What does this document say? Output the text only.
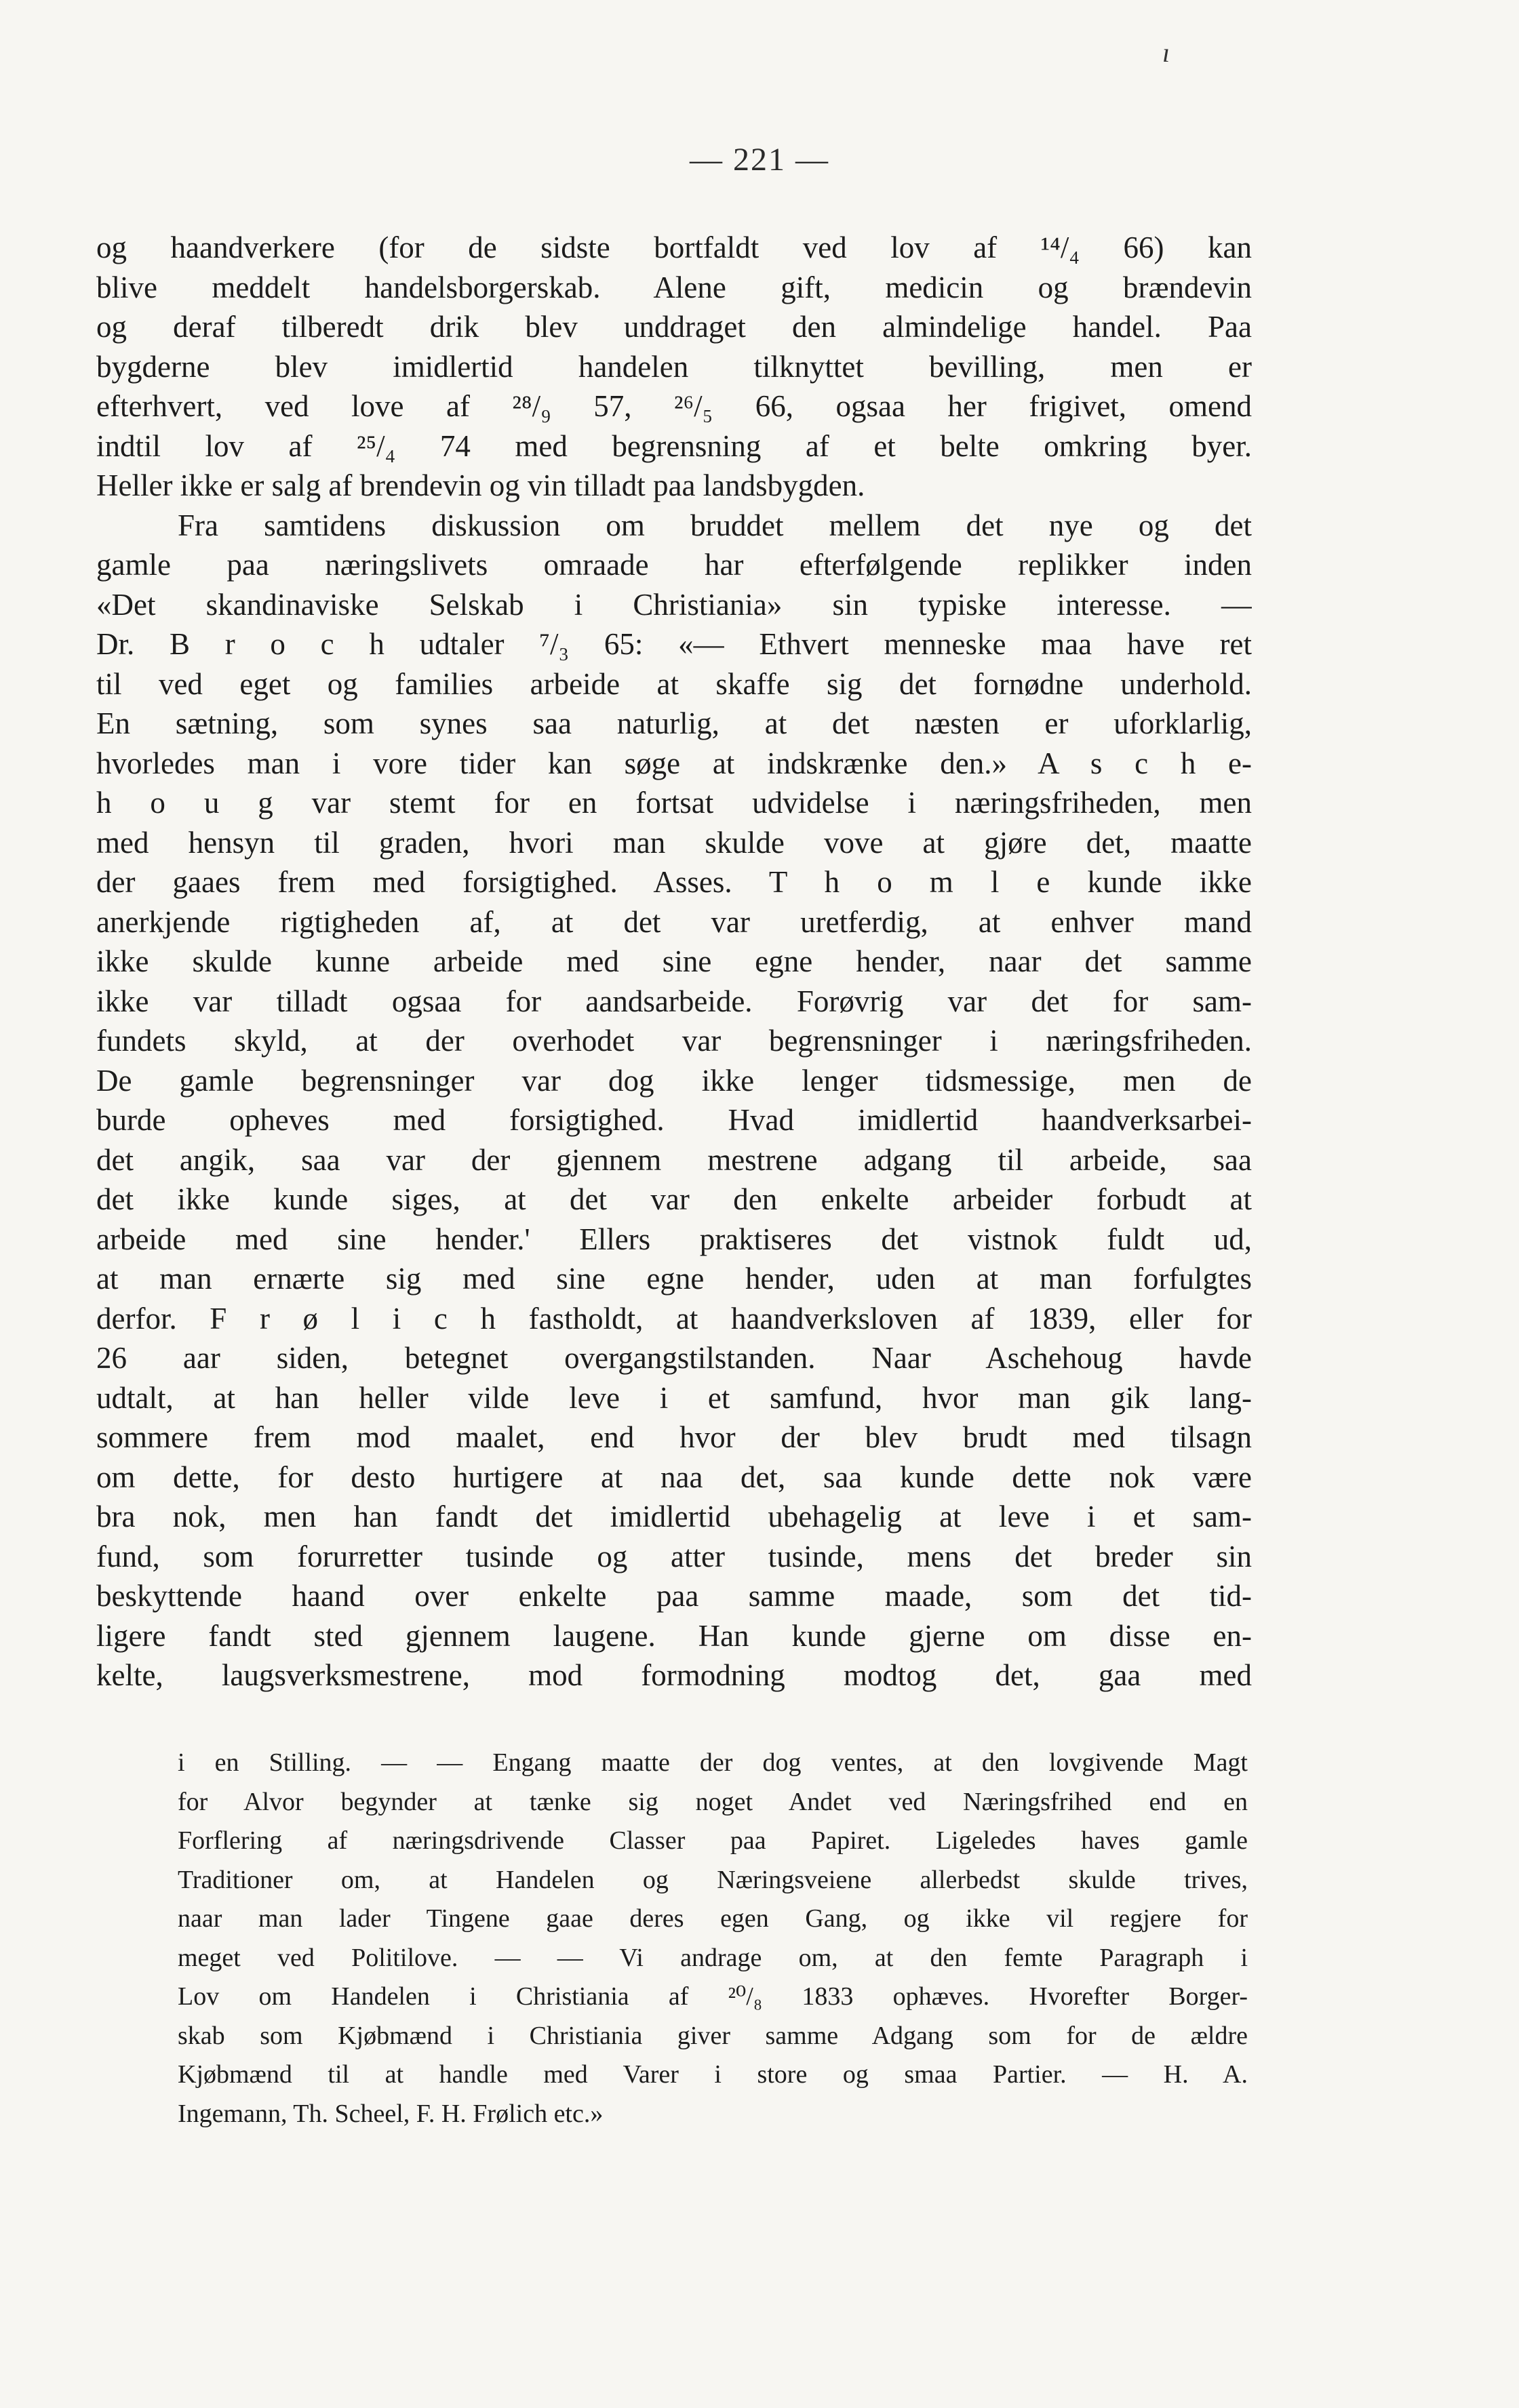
ı
— 221 —
og haandverkere (for de sidste bortfaldt ved lov af ¹⁴/₄ 66) kan
blive meddelt handelsborgerskab. Alene gift, medicin og brændevin
og deraf tilberedt drik blev unddraget den almindelige handel. Paa
bygderne blev imidlertid handelen tilknyttet bevilling, men er
efterhvert, ved love af ²⁸/₉ 57, ²⁶/₅ 66, ogsaa her frigivet, omend
indtil lov af ²⁵/₄ 74 med begrensning af et belte omkring byer.
Heller ikke er salg af brendevin og vin tilladt paa landsbygden.
Fra samtidens diskussion om bruddet mellem det nye og det
gamle paa næringslivets omraade har efterfølgende replikker inden
«Det skandinaviske Selskab i Christiania» sin typiske interesse. —
Dr. B r o c h udtaler ⁷/₃ 65: «— Ethvert menneske maa have ret
til ved eget og families arbeide at skaffe sig det fornødne underhold.
En sætning, som synes saa naturlig, at det næsten er uforklarlig,
hvorledes man i vore tider kan søge at indskrænke den.» A s c h e-
h o u g var stemt for en fortsat udvidelse i næringsfriheden, men
med hensyn til graden, hvori man skulde vove at gjøre det, maatte
der gaaes frem med forsigtighed. Asses. T h o m l e kunde ikke
anerkjende rigtigheden af, at det var uretferdig, at enhver mand
ikke skulde kunne arbeide med sine egne hender, naar det samme
ikke var tilladt ogsaa for aandsarbeide. Forøvrig var det for sam-
fundets skyld, at der overhodet var begrensninger i næringsfriheden.
De gamle begrensninger var dog ikke lenger tidsmessige, men de
burde opheves med forsigtighed. Hvad imidlertid haandverksarbei-
det angik, saa var der gjennem mestrene adgang til arbeide, saa
det ikke kunde siges, at det var den enkelte arbeider forbudt at
arbeide med sine hender.' Ellers praktiseres det vistnok fuldt ud,
at man ernærte sig med sine egne hender, uden at man forfulgtes
derfor. F r ø l i c h fastholdt, at haandverksloven af 1839, eller for
26 aar siden, betegnet overgangstilstanden. Naar Aschehoug havde
udtalt, at han heller vilde leve i et samfund, hvor man gik lang-
sommere frem mod maalet, end hvor der blev brudt med tilsagn
om dette, for desto hurtigere at naa det, saa kunde dette nok være
bra nok, men han fandt det imidlertid ubehagelig at leve i et sam-
fund, som forurretter tusinde og atter tusinde, mens det breder sin
beskyttende haand over enkelte paa samme maade, som det tid-
ligere fandt sted gjennem laugene. Han kunde gjerne om disse en-
kelte, laugsverksmestrene, mod formodning modtog det, gaa med
i en Stilling. — — Engang maatte der dog ventes, at den lovgivende Magt
for Alvor begynder at tænke sig noget Andet ved Næringsfrihed end en
Forflering af næringsdrivende Classer paa Papiret. Ligeledes haves gamle
Traditioner om, at Handelen og Næringsveiene allerbedst skulde trives,
naar man lader Tingene gaae deres egen Gang, og ikke vil regjere for
meget ved Politilove. — — Vi andrage om, at den femte Paragraph i
Lov om Handelen i Christiania af ²⁰/₈ 1833 ophæves. Hvorefter Borger-
skab som Kjøbmænd i Christiania giver samme Adgang som for de ældre
Kjøbmænd til at handle med Varer i store og smaa Partier. — H. A.
Ingemann, Th. Scheel, F. H. Frølich etc.»
